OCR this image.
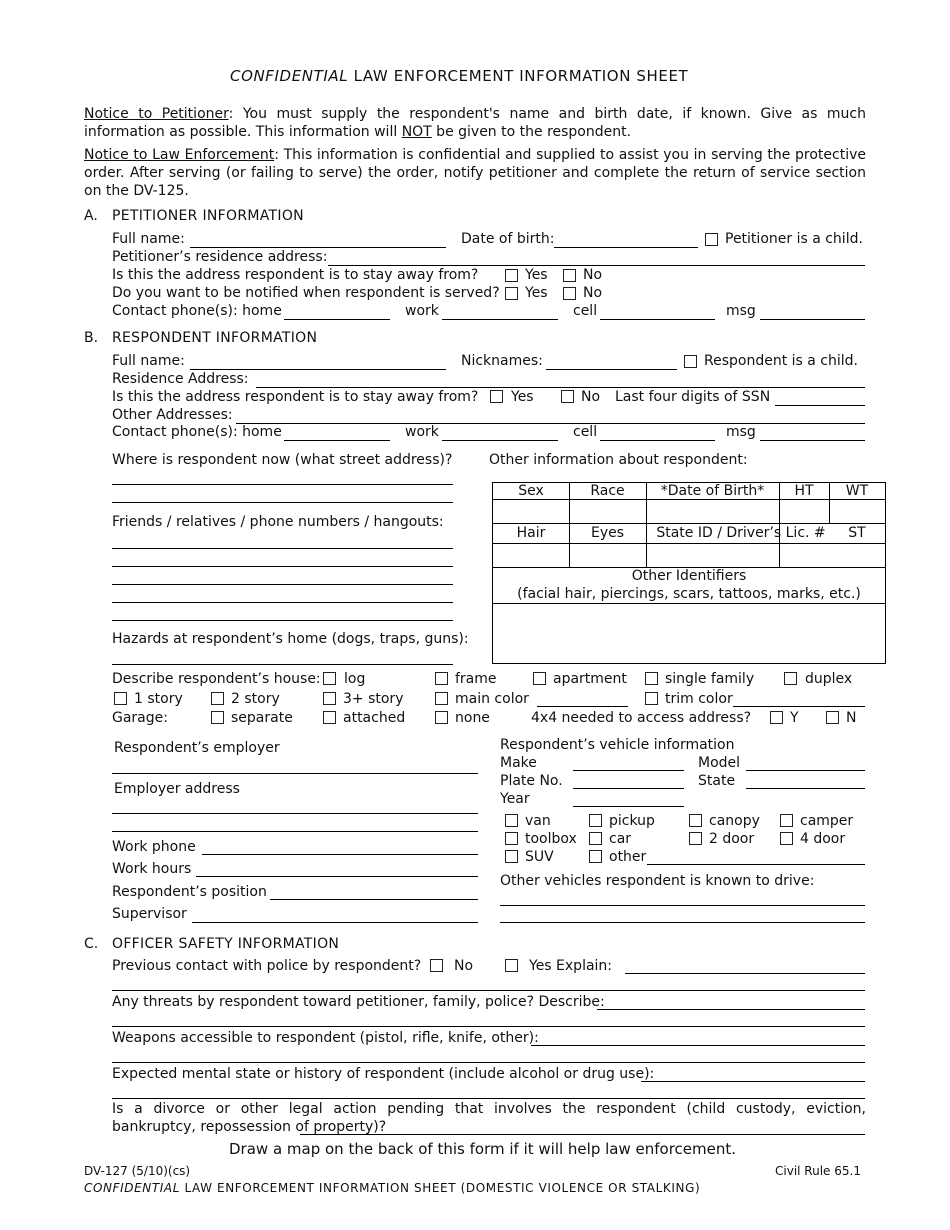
CONFIDENTIAL LAW ENFORCEMENT INFORMATION SHEET
Notice to Petitioner: You must supply the respondent's name and birth date, if known. Give as much information as possible. This information will NOT be given to the respondent.
Notice to Law Enforcement: This information is confidential and supplied to assist you in serving the protective order. After serving (or failing to serve) the order, notify petitioner and complete the return of service section on the DV-125.
A. PETITIONER INFORMATION
Full name:	Date of birth:	Petitioner is a child.
Petitioner’s residence address:
Is this the address respondent is to stay away from?	Yes	No
Do you want to be notified when respondent is served? Yes	No
Contact phone(s): home	work	cell	msg
B. RESPONDENT INFORMATION
Full name:	Nicknames:	Respondent is a child.
Residence Address:
Is this the address respondent is to stay away from? Yes	No Last four digits of SSN
Other Addresses:
Contact phone(s): home	work	cell	msg
Where is respondent now (what street address)?	Other information about respondent:
Friends / relatives / phone numbers / hangouts:
Hazards at respondent’s home (dogs, traps, guns):
Sex	Race	*Date of Birth*	HT	WT
Hair	Eyes	State ID / Driver’s Lic. #	ST
Other Identifiers
(facial hair, piercings, scars, tattoos, marks, etc.)
Describe respondent’s house: log	frame	apartment	single family	duplex
1 story	2 story	3+ story	main color	trim color
Garage:	separate	attached	none	4x4 needed to access address?	Y	N
Respondent’s employer
Employer address
Work phone
Work hours
Respondent’s position
Supervisor
Respondent’s vehicle information
Make	Model
Plate No.	State
Year
van	pickup	canopy	camper
toolbox car	2 door	4 door
SUV	other
Other vehicles respondent is known to drive:
C. OFFICER SAFETY INFORMATION
Previous contact with police by respondent? No	Yes Explain:
Any threats by respondent toward petitioner, family, police? Describe:
Weapons accessible to respondent (pistol, rifle, knife, other):
Expected mental state or history of respondent (include alcohol or drug use):
Is a divorce or other legal action pending that involves the respondent (child custody, eviction, bankruptcy, repossession of property)?
Draw a map on the back of this form if it will help law enforcement.
DV-127 (5/10)(cs)	Civil Rule 65.1
CONFIDENTIAL LAW ENFORCEMENT INFORMATION SHEET (DOMESTIC VIOLENCE OR STALKING)
